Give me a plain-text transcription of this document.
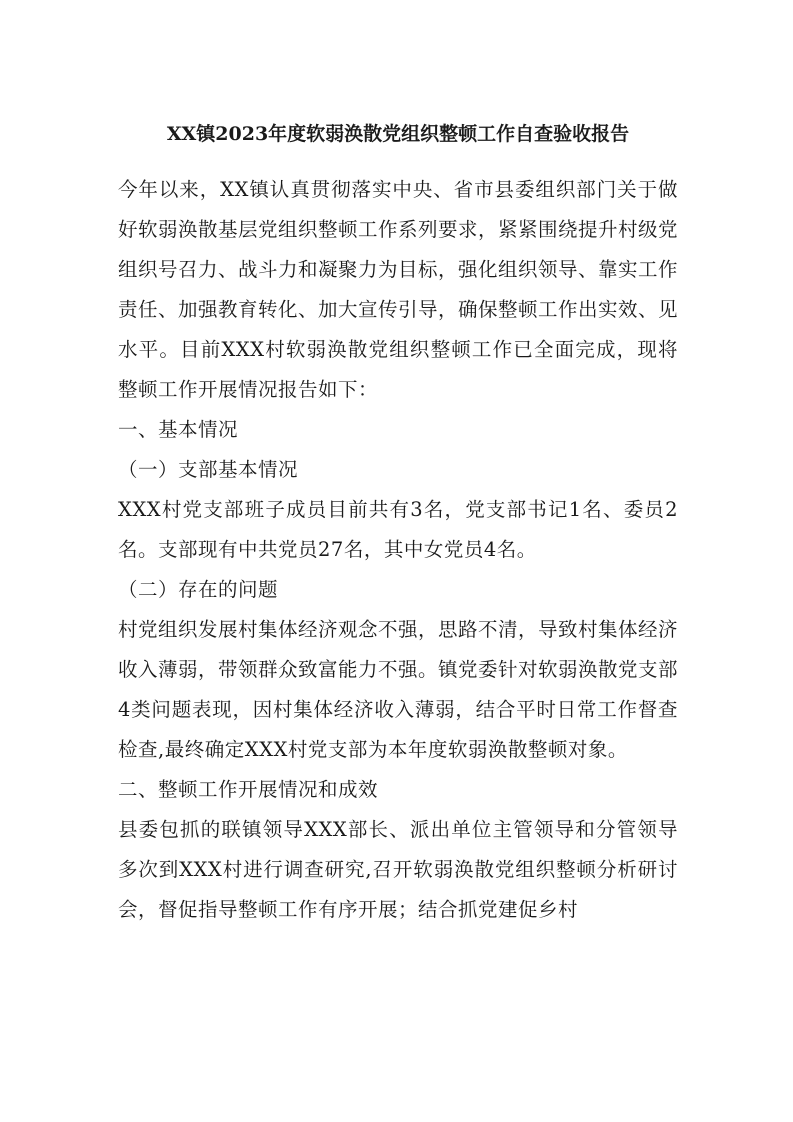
XX镇2023年度软弱涣散党组织整顿工作自查验收报告

今年以来，XX镇认真贯彻落实中央、省市县委组织部门关于做好软弱涣散基层党组织整顿工作系列要求，紧紧围绕提升村级党组织号召力、战斗力和凝聚力为目标，强化组织领导、靠实工作责任、加强教育转化、加大宣传引导，确保整顿工作出实效、见水平。目前XXX村软弱涣散党组织整顿工作已全面完成，现将整顿工作开展情况报告如下：

一、基本情况
（一）支部基本情况

XXX村党支部班子成员目前共有3名，党支部书记1名、委员2名。支部现有中共党员27名，其中女党员4名。

（二）存在的问题

村党组织发展村集体经济观念不强，思路不清，导致村集体经济收入薄弱，带领群众致富能力不强。镇党委针对软弱涣散党支部4类问题表现，因村集体经济收入薄弱，结合平时日常工作督查检查,最终确定XXX村党支部为本年度软弱涣散整顿对象。

二、整顿工作开展情况和成效

县委包抓的联镇领导XXX部长、派出单位主管领导和分管领导多次到XXX村进行调查研究,召开软弱涣散党组织整顿分析研讨会，督促指导整顿工作有序开展；结合抓党建促乡村
